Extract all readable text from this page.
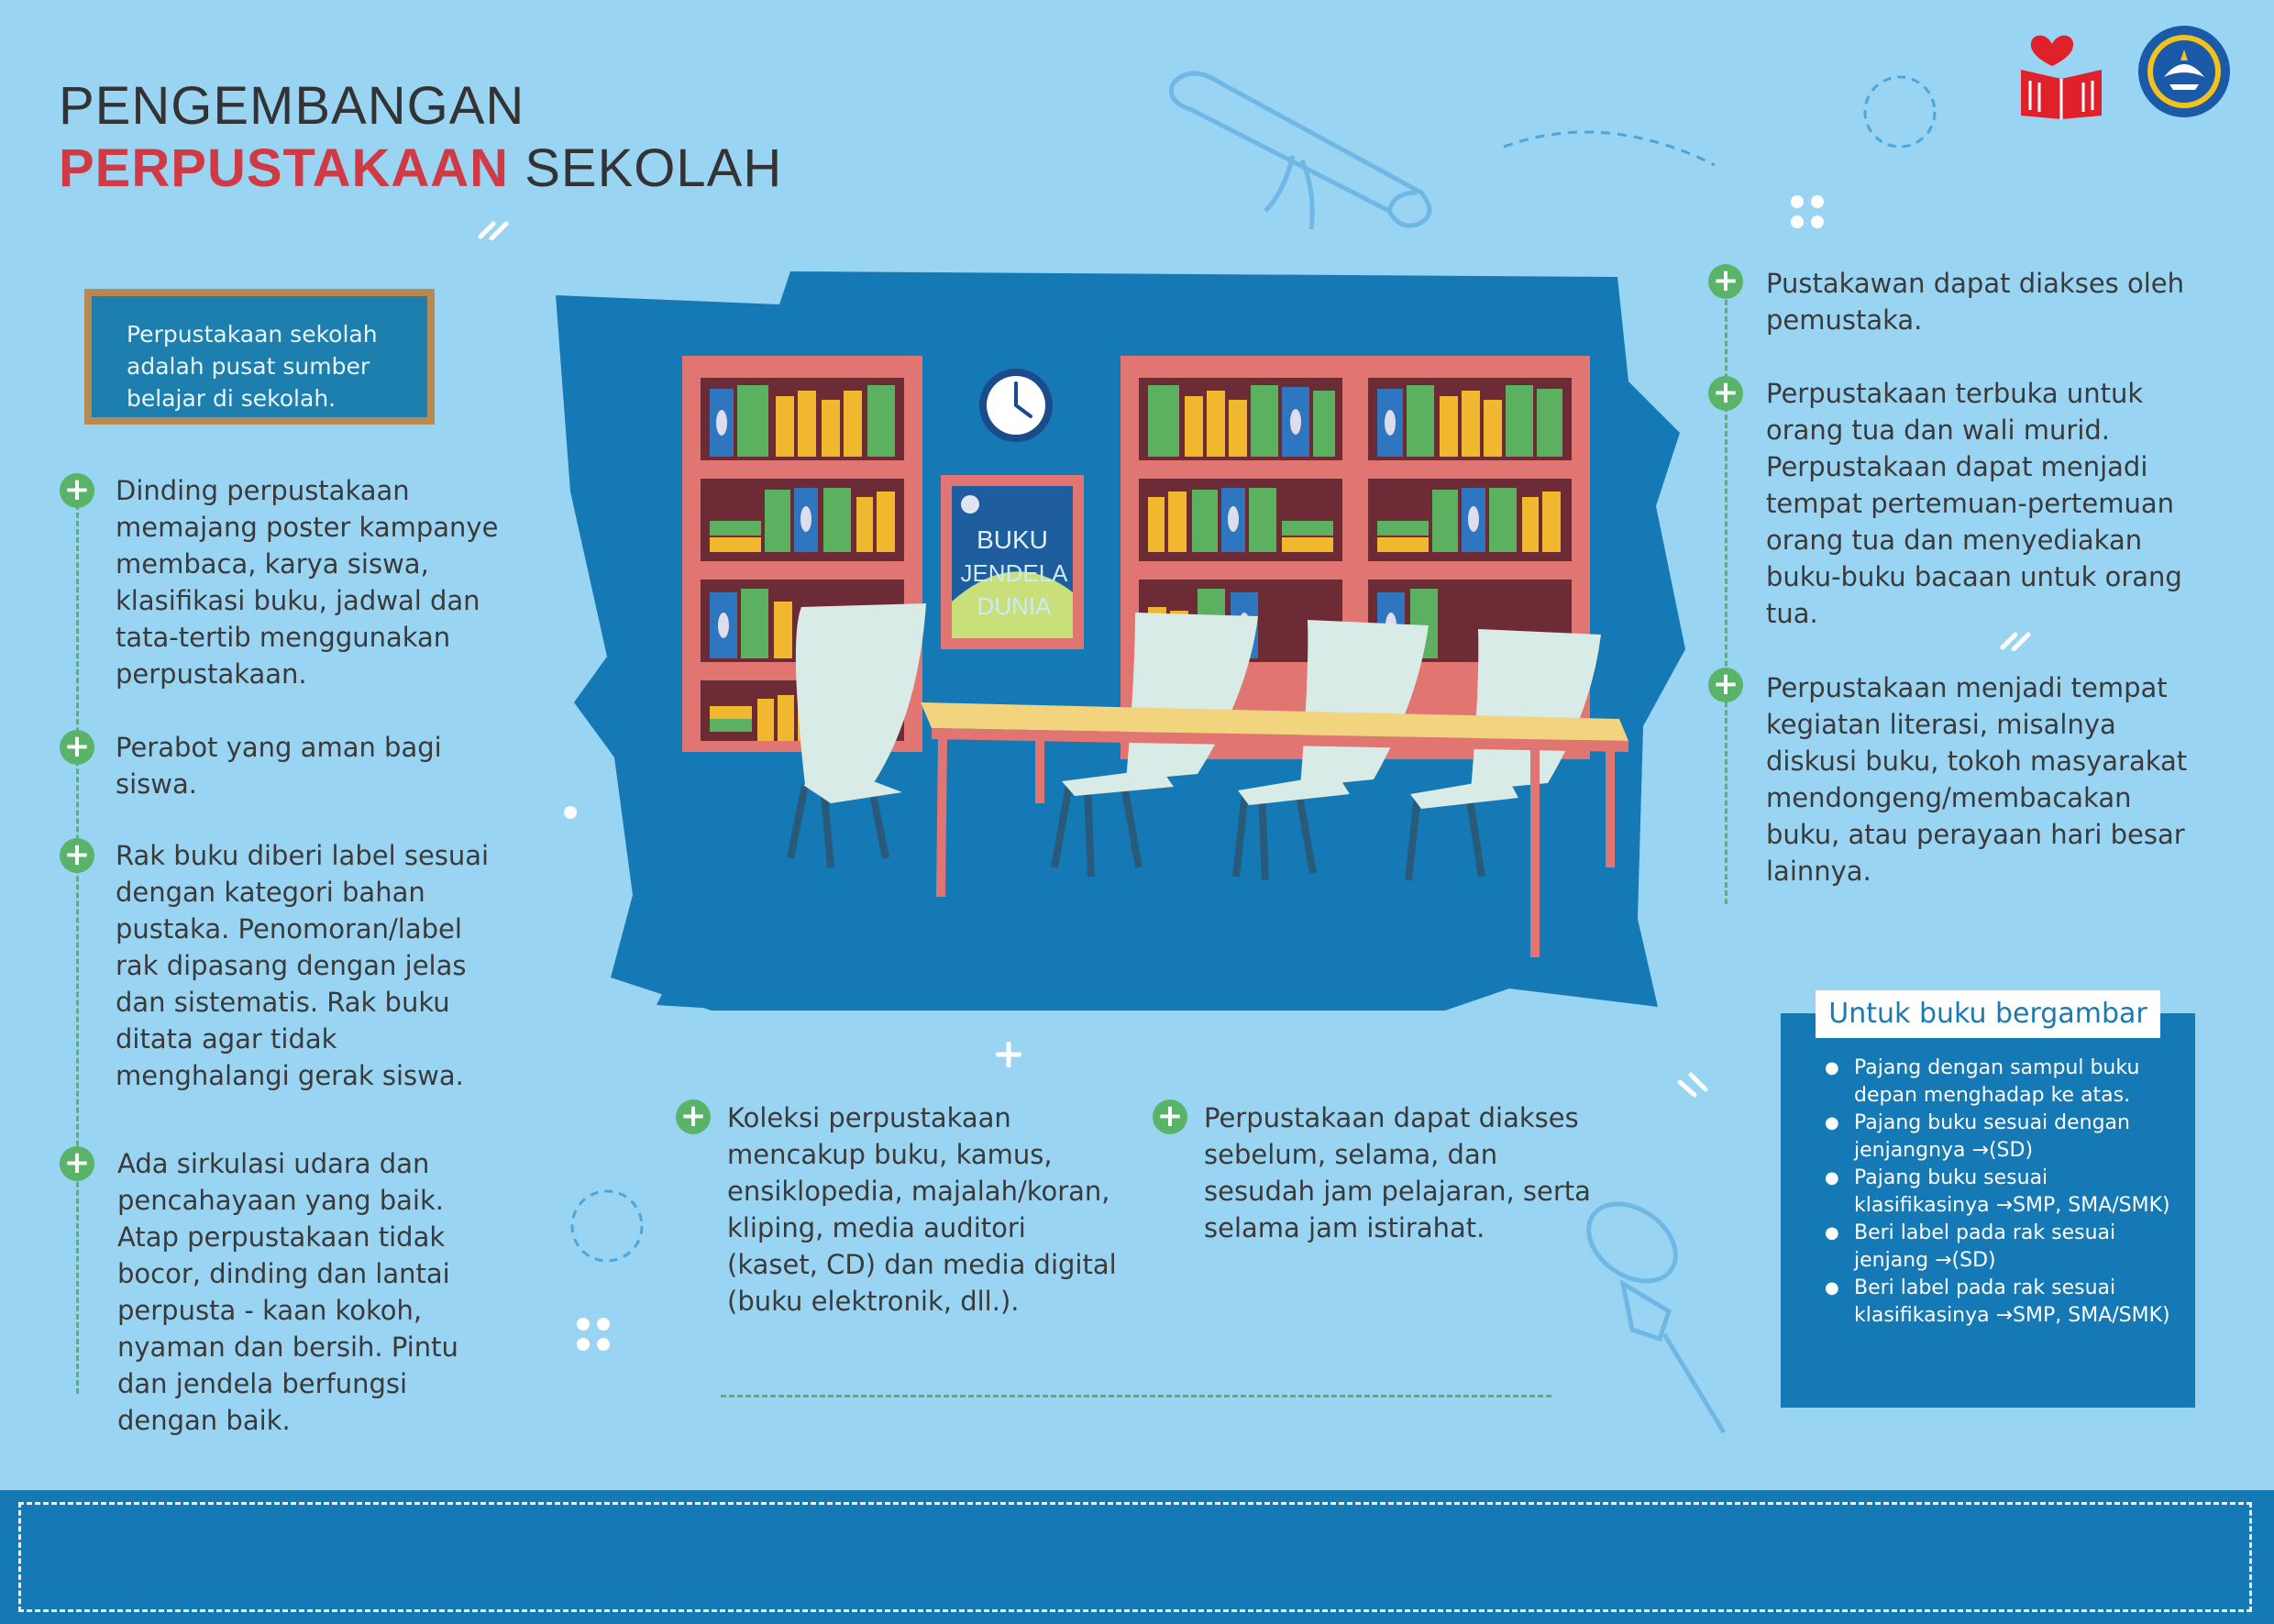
PENGEMBANGAN
PERPUSTAKAAN SEKOLAH
BUKU
JENDELA
DUNIA
Perpustakaan sekolah adalah pusat sumber belajar di sekolah.
+ Dinding perpustakaan memajang poster kampanye membaca, karya siswa, klasifikasi buku, jadwal dan tata-tertib menggunakan perpustakaan.
+ Perabot yang aman bagi siswa.
+ Rak buku diberi label sesuai dengan kategori bahan pustaka. Penomoran/label rak dipasang dengan jelas dan sistematis. Rak buku ditata agar tidak menghalangi gerak siswa.
+ Ada sirkulasi udara dan pencahayaan yang baik. Atap perpustakaan tidak bocor, dinding dan lantai perpusta - kaan kokoh, nyaman dan bersih. Pintu dan jendela berfungsi dengan baik.
+ Koleksi perpustakaan mencakup buku, kamus, ensiklopedia, majalah/koran, kliping, media auditori (kaset, CD) dan media digital (buku elektronik, dll.).
+ Perpustakaan dapat diakses sebelum, selama, dan sesudah jam pelajaran, serta selama jam istirahat.
+ Pustakawan dapat diakses oleh pemustaka.
+ Perpustakaan terbuka untuk orang tua dan wali murid. Perpustakaan dapat menjadi tempat pertemuan-pertemuan orang tua dan menyediakan buku-buku bacaan untuk orang tua.
+ Perpustakaan menjadi tempat kegiatan literasi, misalnya diskusi buku, tokoh masyarakat mendongeng/membacakan buku, atau perayaan hari besar lainnya.
Untuk buku bergambar
● Pajang dengan sampul buku depan menghadap ke atas.
● Pajang buku sesuai dengan jenjangnya →(SD)
● Pajang buku sesuai klasifikasinya →SMP, SMA/SMK)
● Beri label pada rak sesuai jenjang →(SD)
● Beri label pada rak sesuai klasifikasinya →SMP, SMA/SMK)
